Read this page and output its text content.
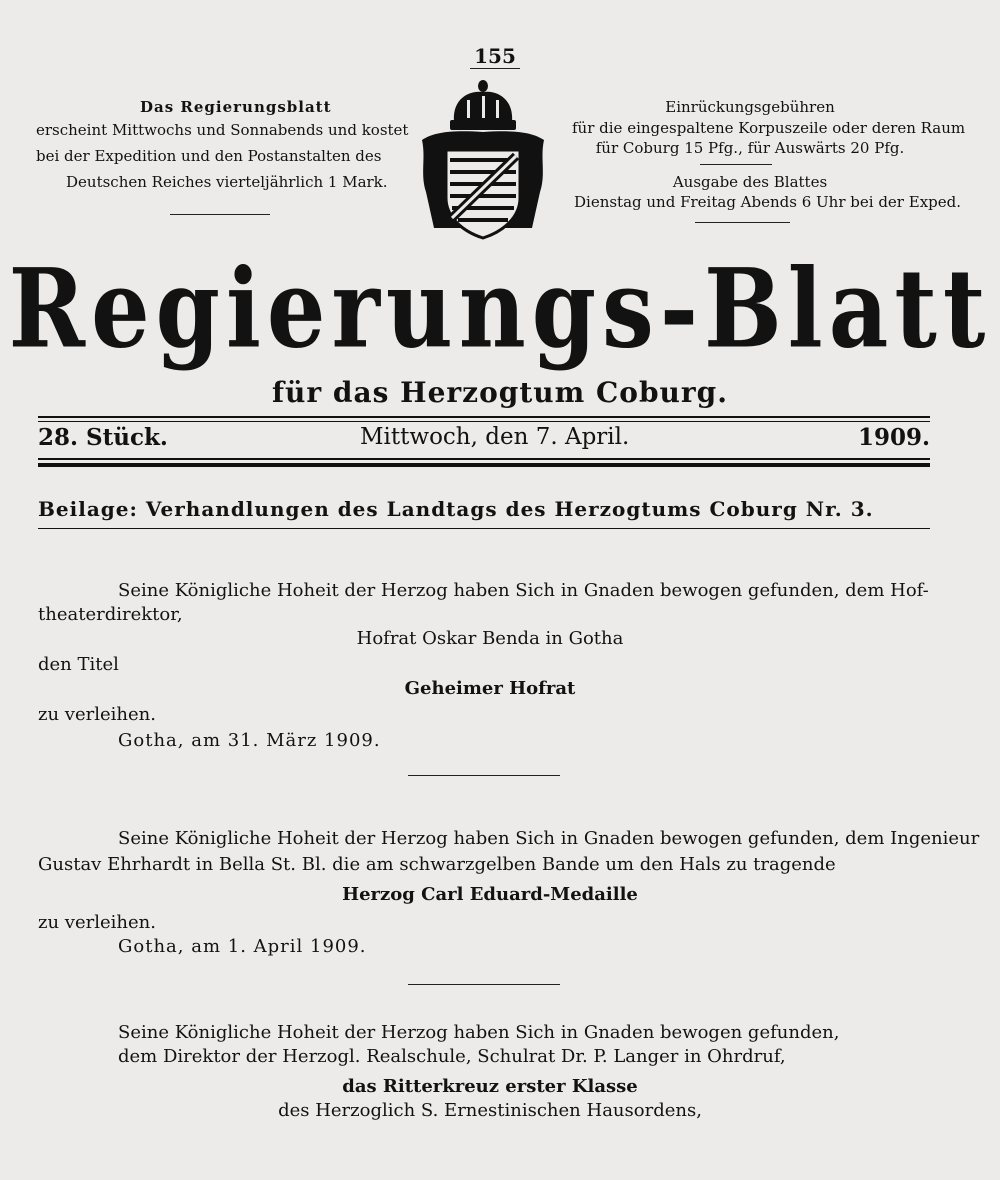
155
Das Regierungsblatt
erscheint Mittwochs und Sonnabends und kostet
bei der Expedition und den Postanstalten des
Deutschen Reiches vierteljährlich 1 Mark.
Einrückungsgebühren
für die eingespaltene Korpuszeile oder deren Raum
für Coburg 15 Pfg., für Auswärts 20 Pfg.
Ausgabe des Blattes
Dienstag und Freitag Abends 6 Uhr bei der Exped.
Regierungs-Blatt
für das Herzogtum Coburg.
28. Stück.	Mittwoch, den 7. April.	1909.
Beilage: Verhandlungen des Landtags des Herzogtums Coburg Nr. 3.
Seine Königliche Hoheit der Herzog haben Sich in Gnaden bewogen gefunden, dem Hof-
theaterdirektor,
Hofrat Oskar Benda in Gotha
den Titel
Geheimer Hofrat
zu verleihen.
Gotha, am 31. März 1909.
Seine Königliche Hoheit der Herzog haben Sich in Gnaden bewogen gefunden, dem Ingenieur
Gustav Ehrhardt in Bella St. Bl. die am schwarzgelben Bande um den Hals zu tragende
Herzog Carl Eduard-Medaille
zu verleihen.
Gotha, am 1. April 1909.
Seine Königliche Hoheit der Herzog haben Sich in Gnaden bewogen gefunden,
dem Direktor der Herzogl. Realschule, Schulrat Dr. P. Langer in Ohrdruf,
das Ritterkreuz erster Klasse
des Herzoglich S. Ernestinischen Hausordens,
